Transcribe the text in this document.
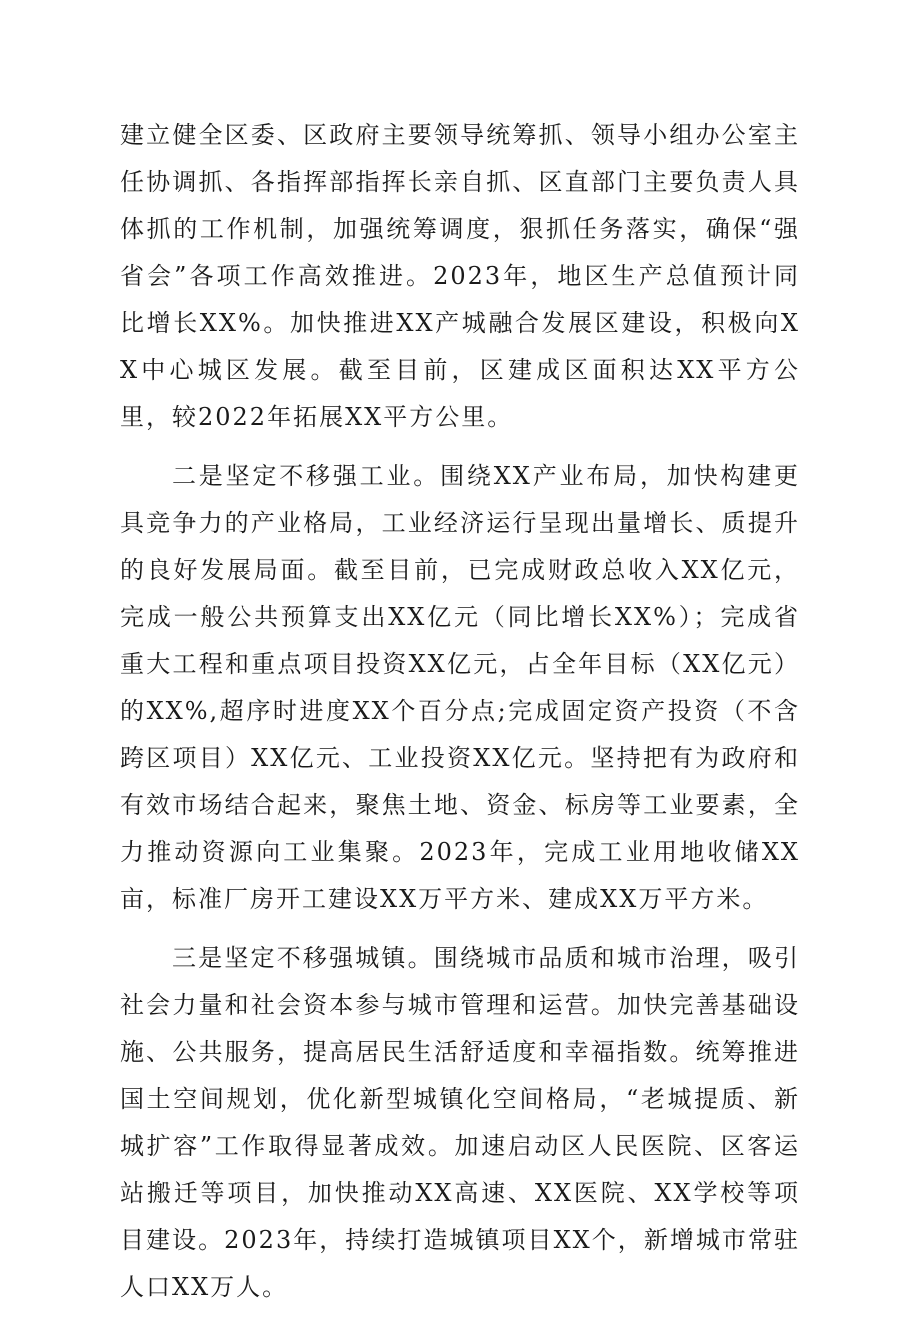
建立健全区委、区政府主要领导统筹抓、领导小组办公室主任协调抓、各指挥部指挥长亲自抓、区直部门主要负责人具体抓的工作机制，加强统筹调度，狠抓任务落实，确保“强省会”各项工作高效推进。2023年，地区生产总值预计同比增长XX%。加快推进XX产城融合发展区建设，积极向XX中心城区发展。截至目前，区建成区面积达XX平方公里，较2022年拓展XX平方公里。

二是坚定不移强工业。围绕XX产业布局，加快构建更具竞争力的产业格局，工业经济运行呈现出量增长、质提升的良好发展局面。截至目前，已完成财政总收入XX亿元，完成一般公共预算支出XX亿元（同比增长XX%）；完成省重大工程和重点项目投资XX亿元，占全年目标（XX亿元）的XX%,超序时进度XX个百分点;完成固定资产投资（不含跨区项目）XX亿元、工业投资XX亿元。坚持把有为政府和有效市场结合起来，聚焦土地、资金、标房等工业要素，全力推动资源向工业集聚。2023年，完成工业用地收储XX亩，标准厂房开工建设XX万平方米、建成XX万平方米。

三是坚定不移强城镇。围绕城市品质和城市治理，吸引社会力量和社会资本参与城市管理和运营。加快完善基础设施、公共服务，提高居民生活舒适度和幸福指数。统筹推进国土空间规划，优化新型城镇化空间格局，“老城提质、新城扩容”工作取得显著成效。加速启动区人民医院、区客运站搬迁等项目，加快推动XX高速、XX医院、XX学校等项目建设。2023年，持续打造城镇项目XX个，新增城市常驻人口XX万人。
